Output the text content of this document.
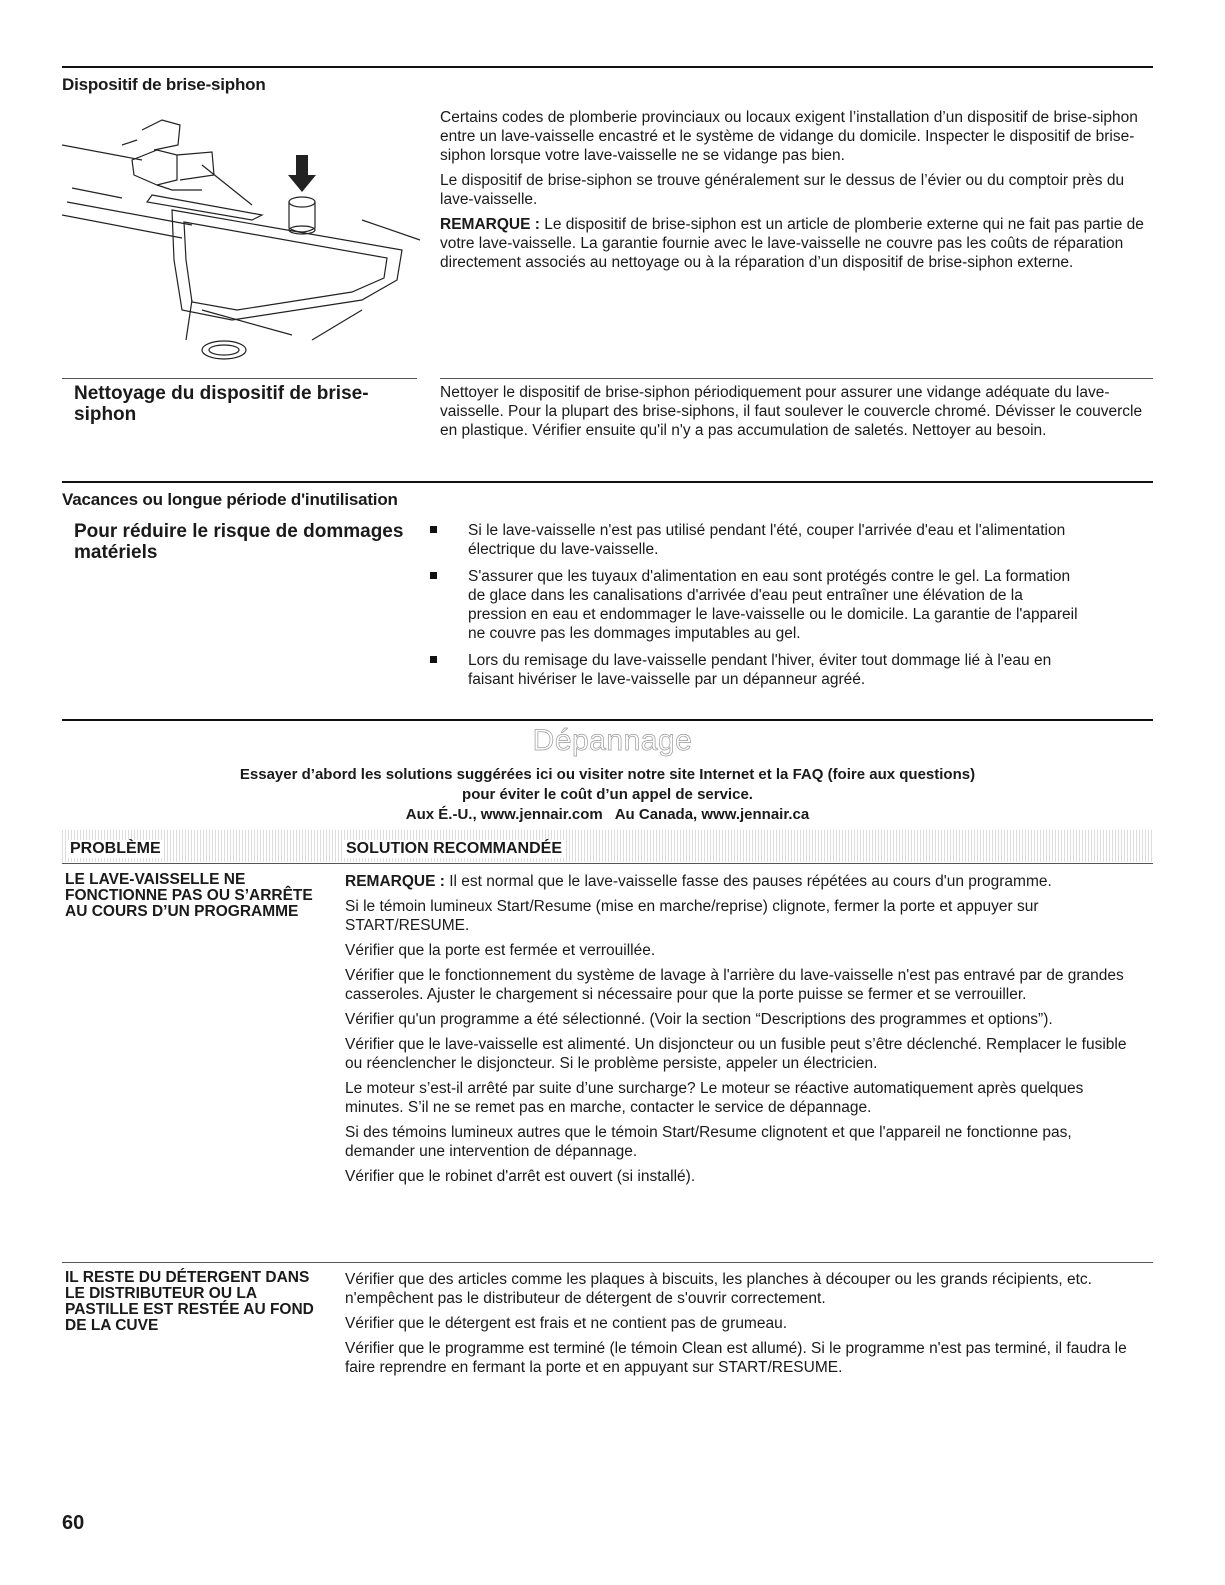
Dispositif de brise-siphon

Certains codes de plomberie provinciaux ou locaux exigent l’installation d’un dispositif de brise-siphon entre un lave-vaisselle encastré et le système de vidange du domicile. Inspecter le dispositif de brise-siphon lorsque votre lave-vaisselle ne se vidange pas bien.

Le dispositif de brise-siphon se trouve généralement sur le dessus de l’évier ou du comptoir près du lave-vaisselle.

REMARQUE : Le dispositif de brise-siphon est un article de plomberie externe qui ne fait pas partie de votre lave-vaisselle. La garantie fournie avec le lave-vaisselle ne couvre pas les coûts de réparation directement associés au nettoyage ou à la réparation d’un dispositif de brise-siphon externe.

Nettoyage du dispositif de brise-siphon
Nettoyer le dispositif de brise-siphon périodiquement pour assurer une vidange adéquate du lave-vaisselle. Pour la plupart des brise-siphons, il faut soulever le couvercle chromé. Dévisser le couvercle en plastique. Vérifier ensuite qu'il n'y a pas accumulation de saletés. Nettoyer au besoin.
Vacances ou longue période d'inutilisation
Pour réduire le risque de dommages matériels
Si le lave-vaisselle n'est pas utilisé pendant l'été, couper l'arrivée d'eau et l'alimentation électrique du lave-vaisselle.
S'assurer que les tuyaux d'alimentation en eau sont protégés contre le gel. La formation de glace dans les canalisations d'arrivée d'eau peut entraîner une élévation de la pression en eau et endommager le lave-vaisselle ou le domicile. La garantie de l'appareil ne couvre pas les dommages imputables au gel.
Lors du remisage du lave-vaisselle pendant l'hiver, éviter tout dommage lié à l'eau en faisant hivériser le lave-vaisselle par un dépanneur agréé.
Dépannage
Essayer d’abord les solutions suggérées ici ou visiter notre site Internet et la FAQ (foire aux questions)
pour éviter le coût d’un appel de service.
Aux É.-U., www.jennair.com   Au Canada, www.jennair.ca
PROBLÈME	SOLUTION RECOMMANDÉE
LE LAVE-VAISSELLE NE FONCTIONNE PAS OU S’ARRÊTE AU COURS D’UN PROGRAMME

REMARQUE : Il est normal que le lave-vaisselle fasse des pauses répétées au cours d'un programme.

Si le témoin lumineux Start/Resume (mise en marche/reprise) clignote, fermer la porte et appuyer sur START/RESUME.

Vérifier que la porte est fermée et verrouillée.

Vérifier que le fonctionnement du système de lavage à l'arrière du lave-vaisselle n'est pas entravé par de grandes casseroles. Ajuster le chargement si nécessaire pour que la porte puisse se fermer et se verrouiller.

Vérifier qu'un programme a été sélectionné. (Voir la section “Descriptions des programmes et options”).

Vérifier que le lave-vaisselle est alimenté. Un disjoncteur ou un fusible peut s’être déclenché. Remplacer le fusible ou réenclencher le disjoncteur. Si le problème persiste, appeler un électricien.

Le moteur s’est-il arrêté par suite d’une surcharge? Le moteur se réactive automatiquement après quelques minutes. S’il ne se remet pas en marche, contacter le service de dépannage.

Si des témoins lumineux autres que le témoin Start/Resume clignotent et que l'appareil ne fonctionne pas, demander une intervention de dépannage.

Vérifier que le robinet d'arrêt est ouvert (si installé).

IL RESTE DU DÉTERGENT DANS LE DISTRIBUTEUR OU LA PASTILLE EST RESTÉE AU FOND DE LA CUVE

Vérifier que des articles comme les plaques à biscuits, les planches à découper ou les grands récipients, etc. n'empêchent pas le distributeur de détergent de s'ouvrir correctement.

Vérifier que le détergent est frais et ne contient pas de grumeau.

Vérifier que le programme est terminé (le témoin Clean est allumé). Si le programme n'est pas terminé, il faudra le faire reprendre en fermant la porte et en appuyant sur START/RESUME.

60
